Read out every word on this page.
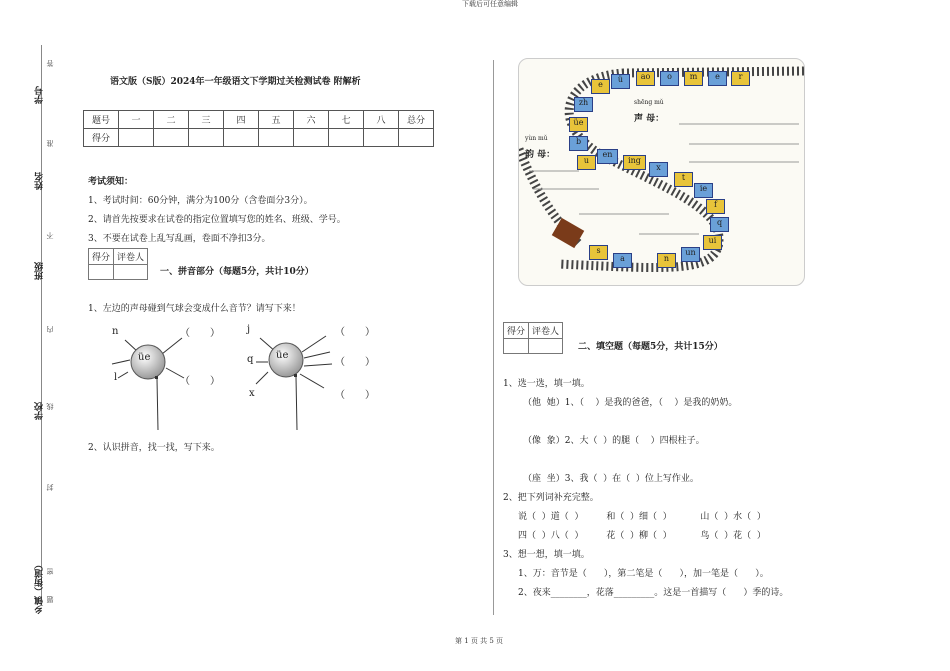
下载后可任意编辑
第 1 页 共 5 页
学号
姓名
班级
学校
乡镇（街道）
答
准
不
内
线
封
密
题
语文版（S版）2024年一年级语文下学期过关检测试卷 附解析
题号	一	二	三	四	五	六	七	八	总分
得分									
考试须知：
1、考试时间：60分钟，满分为100分（含卷面分3分）。
2、请首先按要求在试卷的指定位置填写您的姓名、班级、学号。
3、不要在试卷上乱写乱画，卷面不净扣3分。
得分	评卷人

一、拼音部分（每题5分，共计10分）
1、左边的声母碰到气球会变成什么音节？请写下来！
üe
n
l
（　　）
（　　）
üe
j
q
x
（　　）
（　　）
（　　）
2、认识拼音，找一找，写下来。
shēng mǔ
声 母：
yùn mǔ
韵 母：
e
ü	ao	o	m	e	r
zh
üe
b
u
en
ing
x
t
ie
f
q
ui
un
n
a
s
得分	评卷人

二、填空题（每题5分，共计15分）
1、选一选，填一填。
（他  她）1、（    ）是我的爸爸，（    ）是我的奶奶。
（像  象）2、大（  ）的腿（    ）四根柱子。
（座  坐）3、我（  ）在（  ）位上写作业。
2、把下列词补充完整。
说（  ）道（  ）        和（  ）细（  ）          山（  ）水（  ）
四（  ）八（  ）        花（  ）柳（  ）          鸟（  ）花（  ）
3、想一想，填一填。
1、万：音节是（      ），第二笔是（      ），加一笔是（      ）。
2、夜来________，花落_________。这是一首描写（      ）季的诗。
